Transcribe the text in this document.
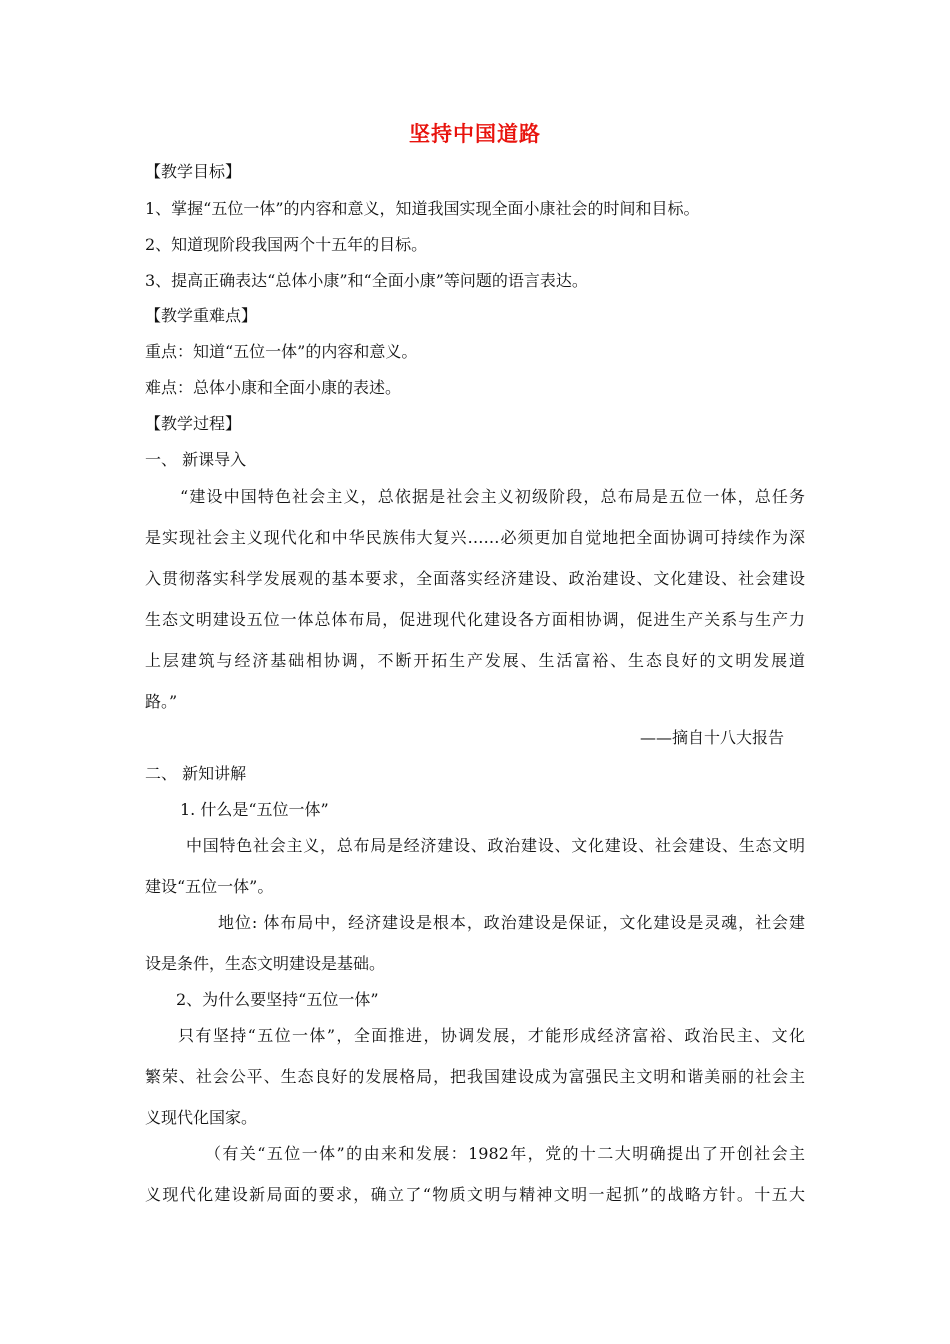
坚持中国道路
【教学目标】
1、掌握“五位一体”的内容和意义，知道我国实现全面小康社会的时间和目标。
2、知道现阶段我国两个十五年的目标。
3、提高正确表达“总体小康”和“全面小康”等问题的语言表达。
【教学重难点】
重点：知道“五位一体”的内容和意义。
难点：总体小康和全面小康的表述。
【教学过程】
一、 新课导入
“建设中国特色社会主义，总依据是社会主义初级阶段，总布局是五位一体，总任务
是实现社会主义现代化和中华民族伟大复兴……必须更加自觉地把全面协调可持续作为深
入贯彻落实科学发展观的基本要求，全面落实经济建设、政治建设、文化建设、社会建设
生态文明建设五位一体总体布局，促进现代化建设各方面相协调，促进生产关系与生产力
上层建筑与经济基础相协调，不断开拓生产发展、生活富裕、生态良好的文明发展道
路。”
——摘自十八大报告
二、 新知讲解
1. 什么是“五位一体”
中国特色社会主义，总布局是经济建设、政治建设、文化建设、社会建设、生态文明
建设“五位一体”。
地位: 体布局中，经济建设是根本，政治建设是保证，文化建设是灵魂，社会建
设是条件，生态文明建设是基础。
2、为什么要坚持“五位一体”
只有坚持“五位一体”，全面推进，协调发展，才能形成经济富裕、政治民主、文化
繁荣、社会公平、生态良好的发展格局，把我国建设成为富强民主文明和谐美丽的社会主
义现代化国家。
（有关“五位一体”的由来和发展：1982年，党的十二大明确提出了开创社会主
义现代化建设新局面的要求，确立了“物质文明与精神文明一起抓”的战略方针。十五大
